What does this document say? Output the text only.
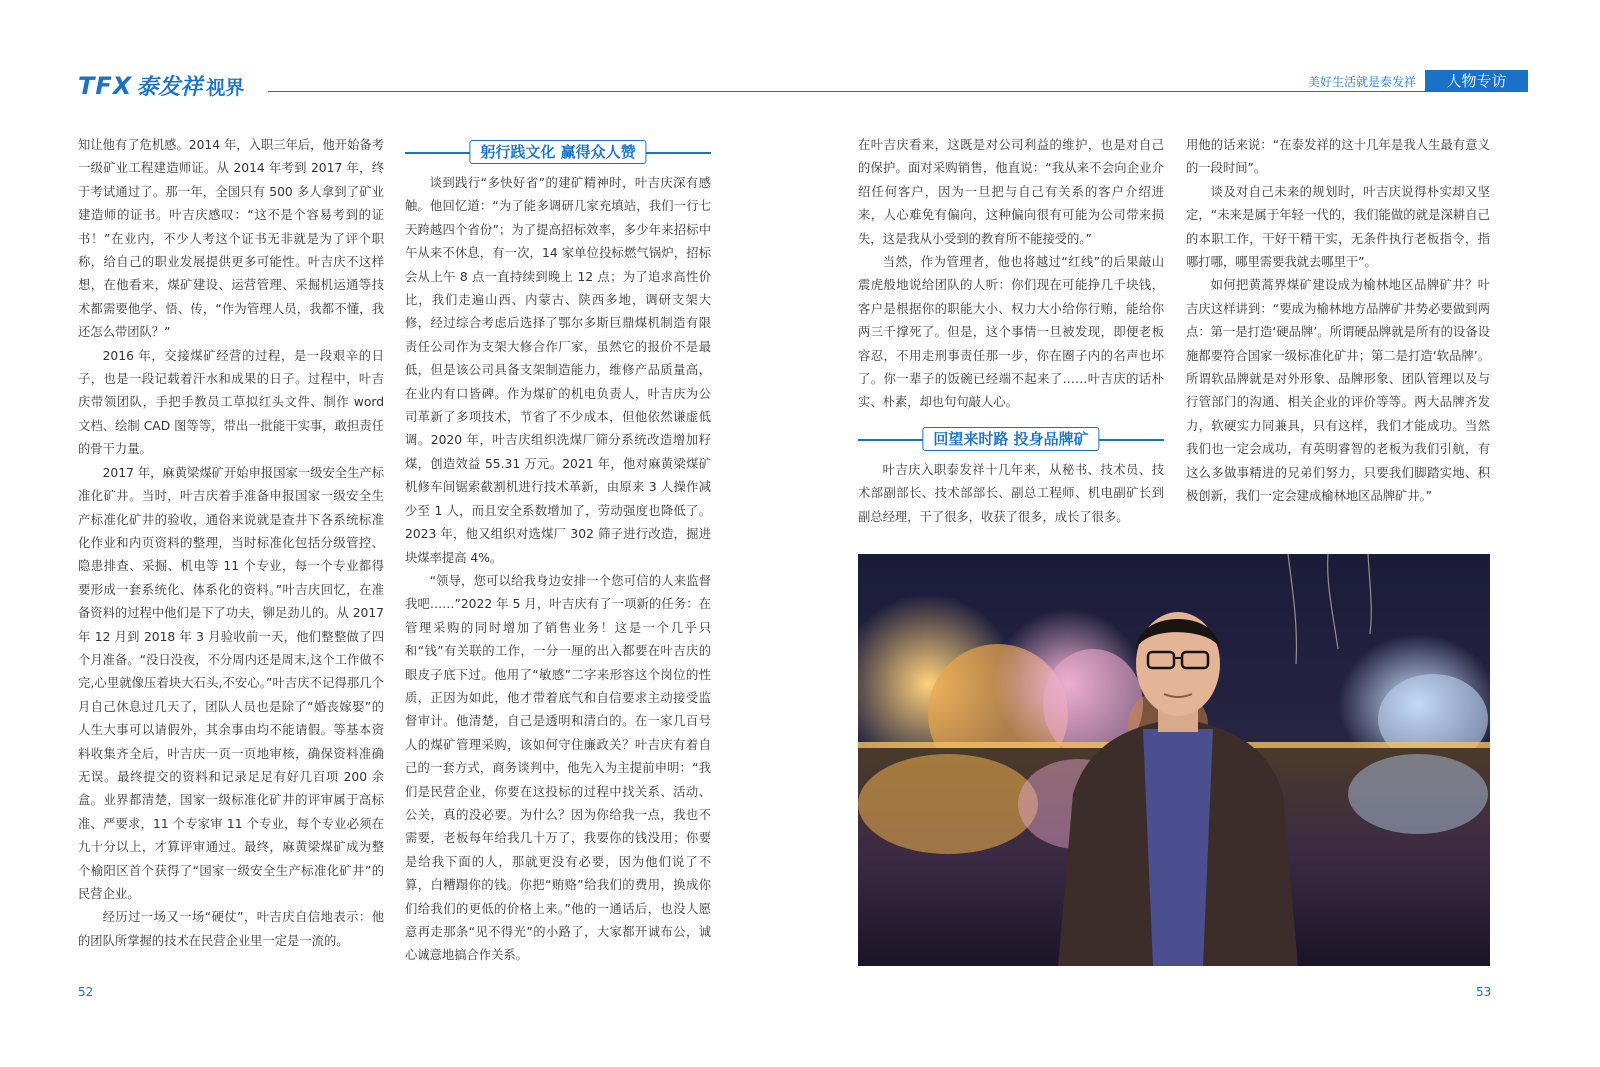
TFX 泰发祥 视界	美好生活就是泰发祥	人物专访

知让他有了危机感。2014 年，入职三年后，他开始备考一级矿业工程建造师证。从 2014 年考到 2017 年，终于考试通过了。那一年，全国只有 500 多人拿到了矿业建造师的证书。叶吉庆感叹：“这不是个容易考到的证书！”在业内，不少人考这个证书无非就是为了评个职称，给自己的职业发展提供更多可能性。叶吉庆不这样想，在他看来，煤矿建设、运营管理、采掘机运通等技术都需要他学、悟、传，“作为管理人员，我都不懂，我还怎么带团队？”

2016 年，交接煤矿经营的过程，是一段艰辛的日子，也是一段记载着汗水和成果的日子。过程中，叶吉庆带领团队，手把手教员工草拟红头文件、制作 word 文档、绘制 CAD 图等等，带出一批能干实事，敢担责任的骨干力量。

2017 年，麻黄梁煤矿开始申报国家一级安全生产标准化矿井。当时，叶吉庆着手准备申报国家一级安全生产标准化矿井的验收，通俗来说就是查井下各系统标准化作业和内页资料的整理，当时标准化包括分级管控、隐患排查、采掘、机电等 11 个专业，每一个专业都得要形成一套系统化、体系化的资料。”叶吉庆回忆，在准备资料的过程中他们是下了功夫，铆足劲儿的。从 2017 年 12 月到 2018 年 3 月验收前一天，他们整整做了四个月准备。“没日没夜，不分周内还是周末,这个工作做不完,心里就像压着块大石头,不安心。”叶吉庆不记得那几个月自己休息过几天了，团队人员也是除了“婚丧嫁娶”的人生大事可以请假外，其余事由均不能请假。等基本资料收集齐全后，叶吉庆一页一页地审核，确保资料准确无误。最终提交的资料和记录足足有好几百项 200 余盒。业界都清楚，国家一级标准化矿井的评审属于高标准、严要求，11 个专家审 11 个专业，每个专业必须在九十分以上，才算评审通过。最终，麻黄梁煤矿成为整个榆阳区首个获得了“国家一级安全生产标准化矿井”的民营企业。

经历过一场又一场“硬仗”，叶吉庆自信地表示：他的团队所掌握的技术在民营企业里一定是一流的。

躬行践文化 赢得众人赞

谈到践行“多快好省”的建矿精神时，叶吉庆深有感触。他回忆道：“为了能多调研几家充填站，我们一行七天跨越四个省份”；为了提高招标效率，多少年来招标中午从来不休息，有一次，14 家单位投标燃气锅炉，招标会从上午 8 点一直持续到晚上 12 点；为了追求高性价比，我们走遍山西、内蒙古、陕西多地，调研支架大修，经过综合考虑后选择了鄂尔多斯巨鼎煤机制造有限责任公司作为支架大修合作厂家，虽然它的报价不是最低，但是该公司具备支架制造能力，维修产品质量高，在业内有口皆碑。作为煤矿的机电负责人，叶吉庆为公司革新了多项技术，节省了不少成本，但他依然谦虚低调。2020 年，叶吉庆组织洗煤厂筛分系统改造增加籽煤，创造效益 55.31 万元。2021 年，他对麻黄梁煤矿机修车间锯索截割机进行技术革新，由原来 3 人操作减少至 1 人，而且安全系数增加了，劳动强度也降低了。2023 年，他又组织对选煤厂 302 筛子进行改造，掘进块煤率提高 4%。

“领导，您可以给我身边安排一个您可信的人来监督我吧……”2022 年 5 月，叶吉庆有了一项新的任务：在管理采购的同时增加了销售业务！这是一个几乎只和“钱”有关联的工作，一分一厘的出入都要在叶吉庆的眼皮子底下过。他用了“敏感”二字来形容这个岗位的性质，正因为如此，他才带着底气和自信要求主动接受监督审计。他清楚，自己是透明和清白的。在一家几百号人的煤矿管理采购，该如何守住廉政关？叶吉庆有着自己的一套方式，商务谈判中，他先入为主提前申明：“我们是民营企业，你要在这投标的过程中找关系、活动、公关，真的没必要。为什么？因为你给我一点，我也不需要，老板每年给我几十万了，我要你的钱没用；你要是给我下面的人，那就更没有必要，因为他们说了不算，白糟蹋你的钱。你把“贿赂”给我们的费用，换成你们给我们的更低的价格上来。”他的一通话后，也没人愿意再走那条“见不得光”的小路了，大家都开诚布公，诚心诚意地搞合作关系。

52	53

在叶吉庆看来，这既是对公司利益的维护，也是对自己的保护。面对采购销售，他直说：“我从来不会向企业介绍任何客户，因为一旦把与自己有关系的客户介绍进来，人心难免有偏向，这种偏向很有可能为公司带来损失，这是我从小受到的教育所不能接受的。”

当然，作为管理者，他也将越过“红线”的后果敲山震虎般地说给团队的人听：你们现在可能挣几千块钱，客户是根据你的职能大小、权力大小给你行贿，能给你两三千撑死了。但是，这个事情一旦被发现，即便老板容忍，不用走刑事责任那一步，你在圈子内的名声也坏了。你一辈子的饭碗已经端不起来了……叶吉庆的话朴实、朴素，却也句句敲人心。

回望来时路 投身品牌矿

叶吉庆入职泰发祥十几年来，从秘书、技术员、技术部副部长、技术部部长、副总工程师、机电副矿长到副总经理，干了很多，收获了很多，成长了很多。

用他的话来说：“在泰发祥的这十几年是我人生最有意义的一段时间”。

谈及对自己未来的规划时，叶吉庆说得朴实却又坚定，“未来是属于年轻一代的，我们能做的就是深耕自己的本职工作，干好干精干实，无条件执行老板指令，指哪打哪，哪里需要我就去哪里干”。

如何把黄蒿界煤矿建设成为榆林地区品牌矿井？叶吉庆这样讲到：“要成为榆林地方品牌矿井势必要做到两点：第一是打造‘硬品牌’。所谓硬品牌就是所有的设备设施都要符合国家一级标准化矿井；第二是打造‘软品牌’。所谓软品牌就是对外形象、品牌形象、团队管理以及与行管部门的沟通、相关企业的评价等等。两大品牌齐发力，软硬实力同兼具，只有这样，我们才能成功。当然我们也一定会成功，有英明睿智的老板为我们引航，有这么多做事精进的兄弟们努力，只要我们脚踏实地、积极创新，我们一定会建成榆林地区品牌矿井。”
